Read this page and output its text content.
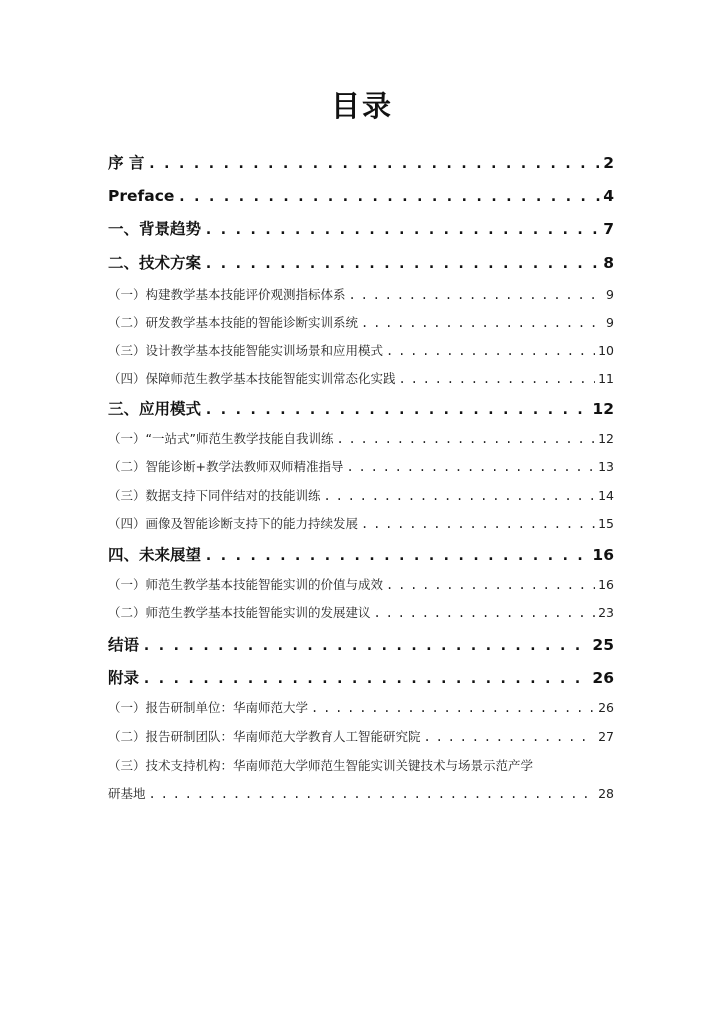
目录
序 言 . . .	2
Preface . . .	4
一、背景趋势 . . .	7
二、技术方案 . . .	8
（一）构建教学基本技能评价观测指标体系 . . .	9
（二）研发教学基本技能的智能诊断实训系统 . . .	9
（三）设计教学基本技能智能实训场景和应用模式 . . .	10
（四）保障师范生教学基本技能智能实训常态化实践 . . .	11
三、应用模式 . . .	12
（一）“一站式”师范生教学技能自我训练 . . .	12
（二）智能诊断+教学法教师双师精准指导 . . .	13
（三）数据支持下同伴结对的技能训练 . . .	14
（四）画像及智能诊断支持下的能力持续发展 . . .	15
四、未来展望 . . .	16
（一）师范生教学基本技能智能实训的价值与成效 . . .	16
（二）师范生教学基本技能智能实训的发展建议 . . .	23
结语 . . .	25
附录 . . .	26
（一）报告研制单位：华南师范大学 . . .	26
（二）报告研制团队：华南师范大学教育人工智能研究院 . . .	27
（三）技术支持机构：华南师范大学师范生智能实训关键技术与场景示范产学
研基地 . . .	28
